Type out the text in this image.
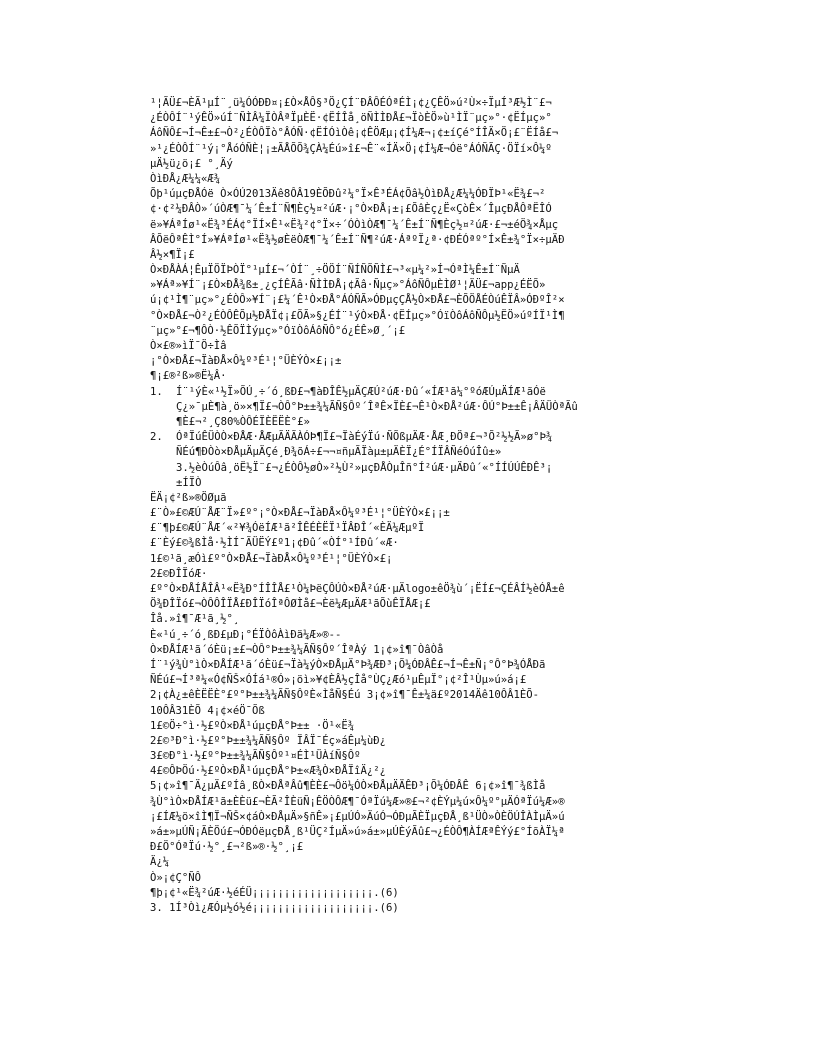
¹¦ÃÜ£¬ÈÃ¹µÍ¨¸ü¼ÓÓÐÐ¤¡£Ò×ÅÔ§³Ö¿ÇÍ¨ÐÂÔÉÓªÉÌ¡¢¿ÇÊÖ»ú²Ù×÷ÏµÍ³Æ½Ì¨£¬
¿ÉÒÔÍ¨¹ýÊÖ»úÍ¨ÑÌÂ¼ÏÒÂªÏµÈË·¢ËÍÎå¸öÑÌÌÐÅ£¬ÏòÈÖ»ù¹ÌÏ¨µç»°·¢ËÍµç»°
ÁôÑÔ£¬Í¬Ê±£¬Ò²¿ÉÒÔÏò°ÂÓÑ·¢ËÍÓìÒê¡¢ÊÖÆµ¡¢Í¼Æ¬¡¢±íÇé°ÍÎÄ×Ö¡£¨ËÍå£¬
»¹¿ÉÒÔÍ¨¹ý¡°ÅóÓÑÈ¦¡±ÃÅÕÕ¾ÇÀ¼Éú»î£¬Ê¨«ÍÄ×Ö¡¢Í¼Æ¬Óë°ÁÓÑÃÇ·ÖÏí×Ô¼º
µÄ½ü¿ö¡£ °¸Äý
ÒìÐÅ¿Æ¼¼«Æ¾
Õþ¹úµçÐÅÓë Ò×ÓÚ2013Äê8ÔÂ19ÈÕÐû²¼°Ï×Ê³ÉÁ¢Õâ½ÒìÐÅ¿Æ¼¼ÓÐÏÞ¹«Ë¾£¬²
¢·¢²¼ÐÂÒ»´úÒÆ¶¯¼´Ê±Í¨Ñ¶Èç½¤²úÆ·¡°Ò×ÐÅ¡±¡£ÕâÈç¿Ë«ÇòÊ×´ÎµçÐÅÔªËÎÓ
ë»¥ÁªÍø¹«Ë¾³ÉÁ¢°ÏÍ×Ê¹«Ë¾²¢°Ï×÷´ÓÒìÒÆ¶¯¼´Ê±Í¨Ñ¶Èç½¤²úÆ·£¬±éÖ¾×Åµç
ÂÕëÔªÊÌ°Í»¥ÁªÍø¹«Ë¾½øÈëÒÆ¶¯¼´Ê±Í¨Ñ¶²úÆ·ÁªºÏ¿ª·¢ÐÉÓªº°Í×Ê±¾°Ï×÷µÄÐ
Â½×¶Ï¡£
Ò×ÐÅÀÁ¦ÊµÏÖÏÞÒÏ°¹µÍ£¬´ÒÍ¨¸÷ÖÖÍ¨ÑÍÑÕÑÌ£¬³«µ¼²»Í¬ÓªÌ¼Ê±Í¨ÑµÄ
»¥Áª»¥Í¨¡£Ò×ÐÅ¾ß±¸¿çÍÊÃâ·ÑÌÌÐÅ¡¢Ãâ·Ñµç»°ÁôÑÔµÈÌØ¹¦ÄÜ£¬app¿ÉËÕ»
ú¡¢¹Ì¶¨µç»°¿ÉÒÔ»¥Í¨¡£¼´Ê¹Ò×ÐÅ°ÁÓÑÃ»ÓÐµçÇÅ½Ò×ÐÅ£¬ÈÕÖÅÉÒúÊÏÂ»ÓÐºÎ²×
°Ò×ÐÅ£¬Ò²¿ÉÒÔÊÕµ½ÐÅÏ¢¡£ÕÃ»§¿ÉÍ¨¹ýÒ×ÐÅ·¢ËÍµç»°ÓïÒôÁôÑÔµ½ËÖ»úºÍÏ¹Ì¶
¨µç»°£¬¶ÔÒ·½ÊÕÏÌýµç»°ÓïÒôÁôÑÔ°ó¿ÉÊ»Ø¸´¡£
Ò×£®»ìÏ¯Ö÷Ìâ
¡°Ò×ÐÅ£¬ÏàÐÅ×Ô¼º³É¹¦°ÜÈÝÒ×£¡¡±
¶¡£®²ß»®Ë¼Â·
1.	Í¨¹ýÈ«¹½Ï»ÕÚ¸÷´ó¸ßÐ£¬¶àÐÎÊ½µÄÇÆÚ²úÆ·Ðû´«ÍÆ¹ã¼°ºóÆÚµÄÍÆ¹ãÓë
Ç¿»¯µÈ¶à¸ö»×¶Ï£¬ÒÔ°Þ±±¾¼ÃÑ§Ôº´ÎªÊ×ÏÈ£¬Ê¹Ò×ÐÅ²úÆ·ÔÚ°Þ±±Ê¡ÂÄÜÒªÃû
¶È£¬²¸Ç80%ÒÔÉÏÈËËÈ°£»
2.	ÓªÏúÊÜÒÒ×ÐÅÆ·ÅÆµÃÄÃÀÓÞ¶Ï£¬ÏàÉýÏú·ÑÕßµÄÆ·ÅÆ¸ÐÖª£¬³Õ²½½Ã»ø°Þ¾
ÑÉú¶ÐÒò×ÐÅµÄµÄÇé¸Ð¾õÁ÷£¬¬¤ñµÃÏàµ±µÄÈÏ¿É°ÍÏÂÑéÓúÎû±»
3.½èÒúÔâ¸öË½Ï¨£¬¿ÉÒÔ½øÒ»²½Ù²»µçÐÅÒµÎñ°Í²úÆ·µÄÐû´«°ÍÍÚÚÊÐÊ³¡
±ÍÏÒ
ËÄ¡¢²ß»®ÖØµã
£¨Ò»£©ÆÚ¨ÅÆ¨Ï»£º°¡°Ò×ÐÅ£¬ÏàÐÅ×Ô¼º³É¹¦°ÜÈÝÒ×£¡¡±
£¨¶þ£©ÆÚ¨ÅÆ´«²¥¾ÓëÍÆ¹ã²ÎÊÉÈËÏ¹ÏÂÐÎ´«ÈÄ¼ÆµºÏ
£¨Èý£©¾ßÌå·½ÌÍ¯ÃÜËÝ£º1¡¢Ðû´«ÒÍ°¹ÍÐû´«Æ·
1£©¹ã¸æÓì£º°Ò×ÐÅ£¬ÏàÐÅ×Ô¼º³É¹¦°ÜÈÝÒ×£¡
2£©ÐÎÏóÆ·
£º°Ò×ÐÅÍÅÎÂ¹«Ë¾Ð°ÍÎÎÅ£¹Ò¼ÞëÇÔÚÒ×ÐÅ²úÆ·µÄlogo±êÖ¾ù´¡ËÍ£¬ÇÉÂÍ½èÓÅ±ê
Ö¾ÐÎÏó£¬ÒÔÔÎÏÅ£ÐÎÏóÎªÔØÌå£¬Èë¼ÆµÄÆ¹ãÕùÊÏÅÆ¡£
Îå.»î¶¯Æ¹ã¸½°¸
È«¹ú¸÷´ó¸ßÐ£µÐ¡°ÉÏÒôÀìÐä¼Æ»®--
Ò×ÐÅÍÆ¹ã´óÈü¡±£¬ÒÔ°Þ±±¾¼ÃÑ§Ôº´ÎªÀý 1¡¢»î¶¯ÒâÒå
Í¨¹ý¾Ù°ìÒ×ÐÅÍÆ¹ã´óÈü£¬Ïà¼ýÒ×ÐÅµÄ°Þ¾ÆÐ³¡Õ¼ÓÐÂÊ£¬Í¬Ê±Ñ¡°Ô°Þ¾ÓÅÐã
ÑÉú£¬Í³ª¼«Ó¢ÑŠ×ÓÍá¹®Ó»¡öì»¥¢ÈÂ½çÎå°ÙÇ¿Æó¹µÊµÏ°¡¢²Î¹Ùµ»ú»á¡£
2¡¢À¿±êÈËËÈ°£º°Þ±±¾¼ÃÑ§ÔºÈ«ÌåÑ§Éú 3¡¢»î¶¯Ê±¼ä£º2014Äê10ÔÂ1ÈÕ-
10ÔÂ31ÈÕ 4¡¢×éÖ¯Õß
1£©Ö÷°ì·½£ºÒ×ÐÅ¹úµçÐÅ°Þ±± ·Ö¹«Ë¾
2£©³Ð°ì·½£º°Þ±±¾¼ÃÑ§Ôº ÏÂÏ¯Éç»áÊµ¼ùÐ¿
3£©Ð°ì·½£º°Þ±±¾¼ÃÑ§Ôº¹¤ÉÌ¹ÜÀíÑ§Ôº
4£©ÔÞÖú·½£ºÒ×ÐÅ¹úµçÐÅ°Þ±«Æ¾Ò×ÐÅÏîÄ¿²¿
5¡¢»î¶¯Ä¿µÄ£ºÍâ¸ßÒ×ÐÅªÂû¶ÈÈ£¬Ôö¼ÓÒ×ÐÅµÄÄÊÐ³¡Õ¼ÓÐÂÊ 6¡¢»î¶¯¾ßÌå
¾Ù°ìÒ×ÐÅÍÆ¹ã±ÈÈü£¬ÈÃ²ÎÈüÑ¡ÊÖÒÔÆ¶¯ÓªÏú¼Æ»®£¬²¢ÈÝµ¼ú×Ô¼º°µÄÓªÏú¼Æ»®
¡£ÍÆ¼ö×îÌ¶Ï¬ÑŠ×¢áÒ×ÐÅµÄ»§ñÊ»¡£µÚÓ»ÄúÓ¬ÓÐµÃÈÏµçÐÅ¸ß¹ÜÒ»ÒÈÖÚÎÀÌµÄ»ú
»á±»µÚÑ¡ÃÈÖú£¬ÓÐÓëµçÐÅ¸ß¹ÜÇ²ÍµÄ»ú»á±»µÚÈýÃû£¬¿ÉÒÔ¶ÀÍÆªÊÝý£°ÍõÀÏ¼ª
Ð£Ö°ÓªÏú·½°¸£¬²ß»®·½°¸¡£
Ä¿¼
Ò»¡¢Ç°ÑÔ
¶þ¡¢¹«Ë¾²úÆ·½éÉÜ¡¡¡¡¡¡¡¡¡¡¡¡¡¡¡¡¡¡¡.(6)
3. 1Í³Òì¿ÆÓµ½ó½é¡¡¡¡¡¡¡¡¡¡¡¡¡¡¡¡¡¡¡.(6)
